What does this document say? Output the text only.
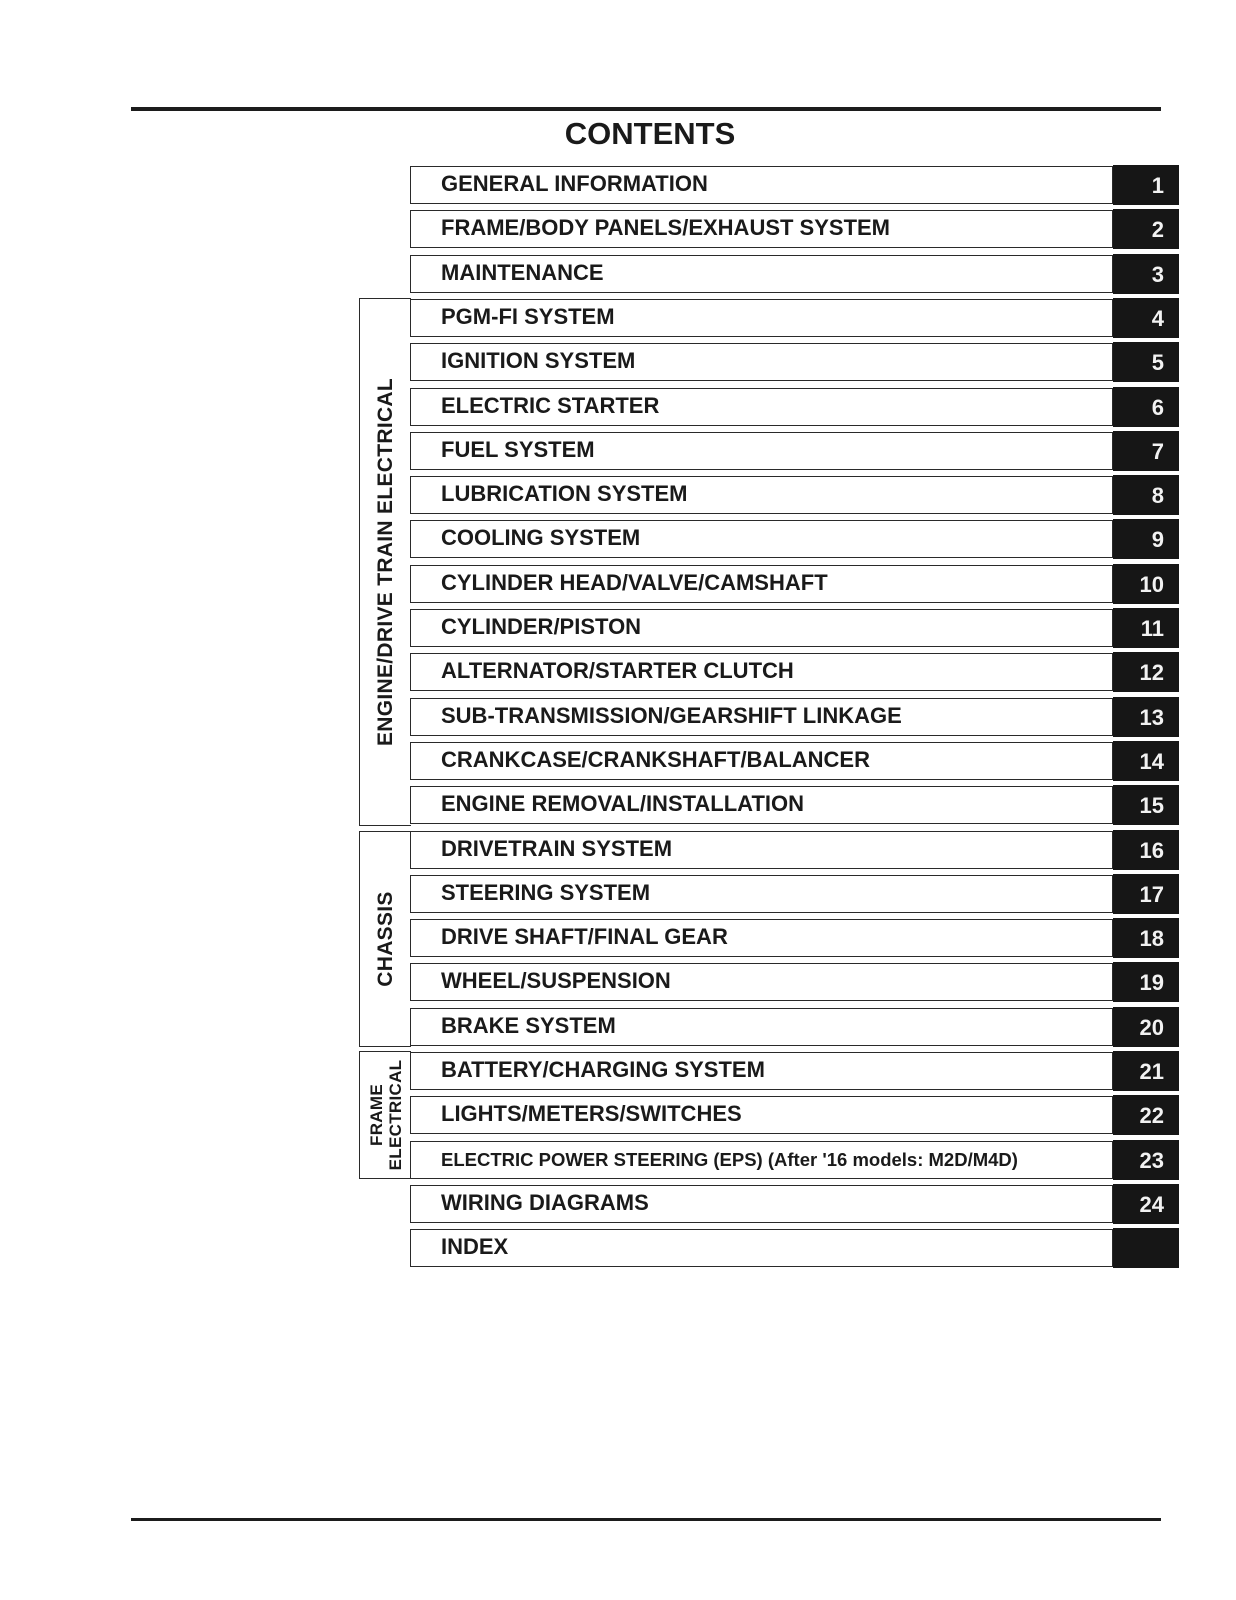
CONTENTS
ENGINE/DRIVE TRAIN ELECTRICAL
CHASSIS
FRAME ELECTRICAL
GENERAL INFORMATION	1
FRAME/BODY PANELS/EXHAUST SYSTEM	2
MAINTENANCE	3
PGM-FI SYSTEM	4
IGNITION SYSTEM	5
ELECTRIC STARTER	6
FUEL SYSTEM	7
LUBRICATION SYSTEM	8
COOLING SYSTEM	9
CYLINDER HEAD/VALVE/CAMSHAFT	10
CYLINDER/PISTON	11
ALTERNATOR/STARTER CLUTCH	12
SUB-TRANSMISSION/GEARSHIFT LINKAGE	13
CRANKCASE/CRANKSHAFT/BALANCER	14
ENGINE REMOVAL/INSTALLATION	15
DRIVETRAIN SYSTEM	16
STEERING SYSTEM	17
DRIVE SHAFT/FINAL GEAR	18
WHEEL/SUSPENSION	19
BRAKE SYSTEM	20
BATTERY/CHARGING SYSTEM	21
LIGHTS/METERS/SWITCHES	22
ELECTRIC POWER STEERING (EPS) (After '16 models: M2D/M4D)	23
WIRING DIAGRAMS	24
INDEX
